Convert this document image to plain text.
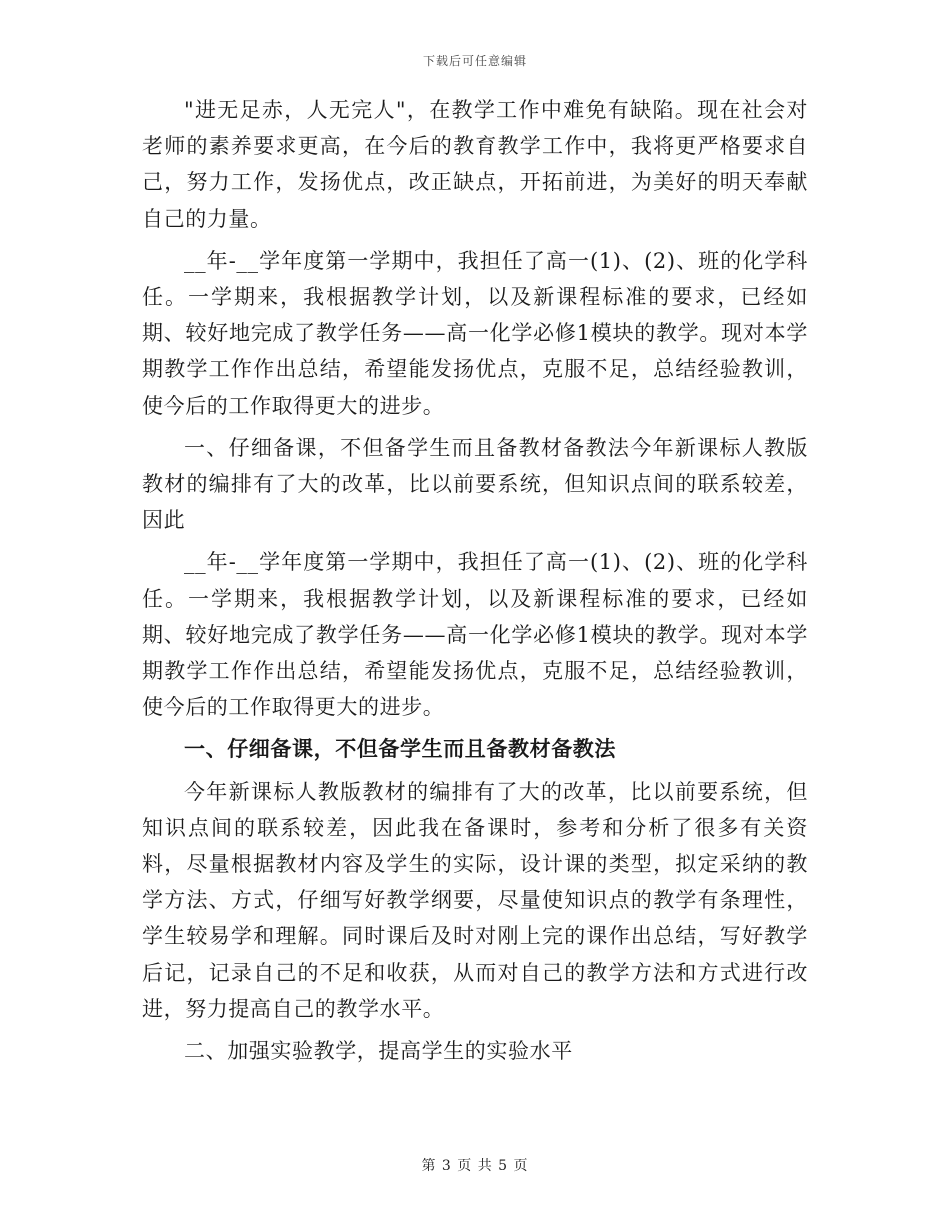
下载后可任意编辑

"进无足赤，人无完人"，在教学工作中难免有缺陷。现在社会对老师的素养要求更高，在今后的教育教学工作中，我将更严格要求自己，努力工作，发扬优点，改正缺点，开拓前进，为美好的明天奉献自己的力量。

__年-__学年度第一学期中，我担任了高一(1)、(2)、班的化学科任。一学期来，我根据教学计划，以及新课程标准的要求，已经如期、较好地完成了教学任务——高一化学必修1模块的教学。现对本学期教学工作作出总结，希望能发扬优点，克服不足，总结经验教训，使今后的工作取得更大的进步。

一、仔细备课，不但备学生而且备教材备教法今年新课标人教版教材的编排有了大的改革，比以前要系统，但知识点间的联系较差，因此

__年-__学年度第一学期中，我担任了高一(1)、(2)、班的化学科任。一学期来，我根据教学计划，以及新课程标准的要求，已经如期、较好地完成了教学任务——高一化学必修1模块的教学。现对本学期教学工作作出总结，希望能发扬优点，克服不足，总结经验教训，使今后的工作取得更大的进步。

一、仔细备课，不但备学生而且备教材备教法

今年新课标人教版教材的编排有了大的改革，比以前要系统，但知识点间的联系较差，因此我在备课时，参考和分析了很多有关资料，尽量根据教材内容及学生的实际，设计课的类型，拟定采纳的教学方法、方式，仔细写好教学纲要，尽量使知识点的教学有条理性，学生较易学和理解。同时课后及时对刚上完的课作出总结，写好教学后记，记录自己的不足和收获，从而对自己的教学方法和方式进行改进，努力提高自己的教学水平。

二、加强实验教学，提高学生的实验水平

第 3 页 共 5 页
